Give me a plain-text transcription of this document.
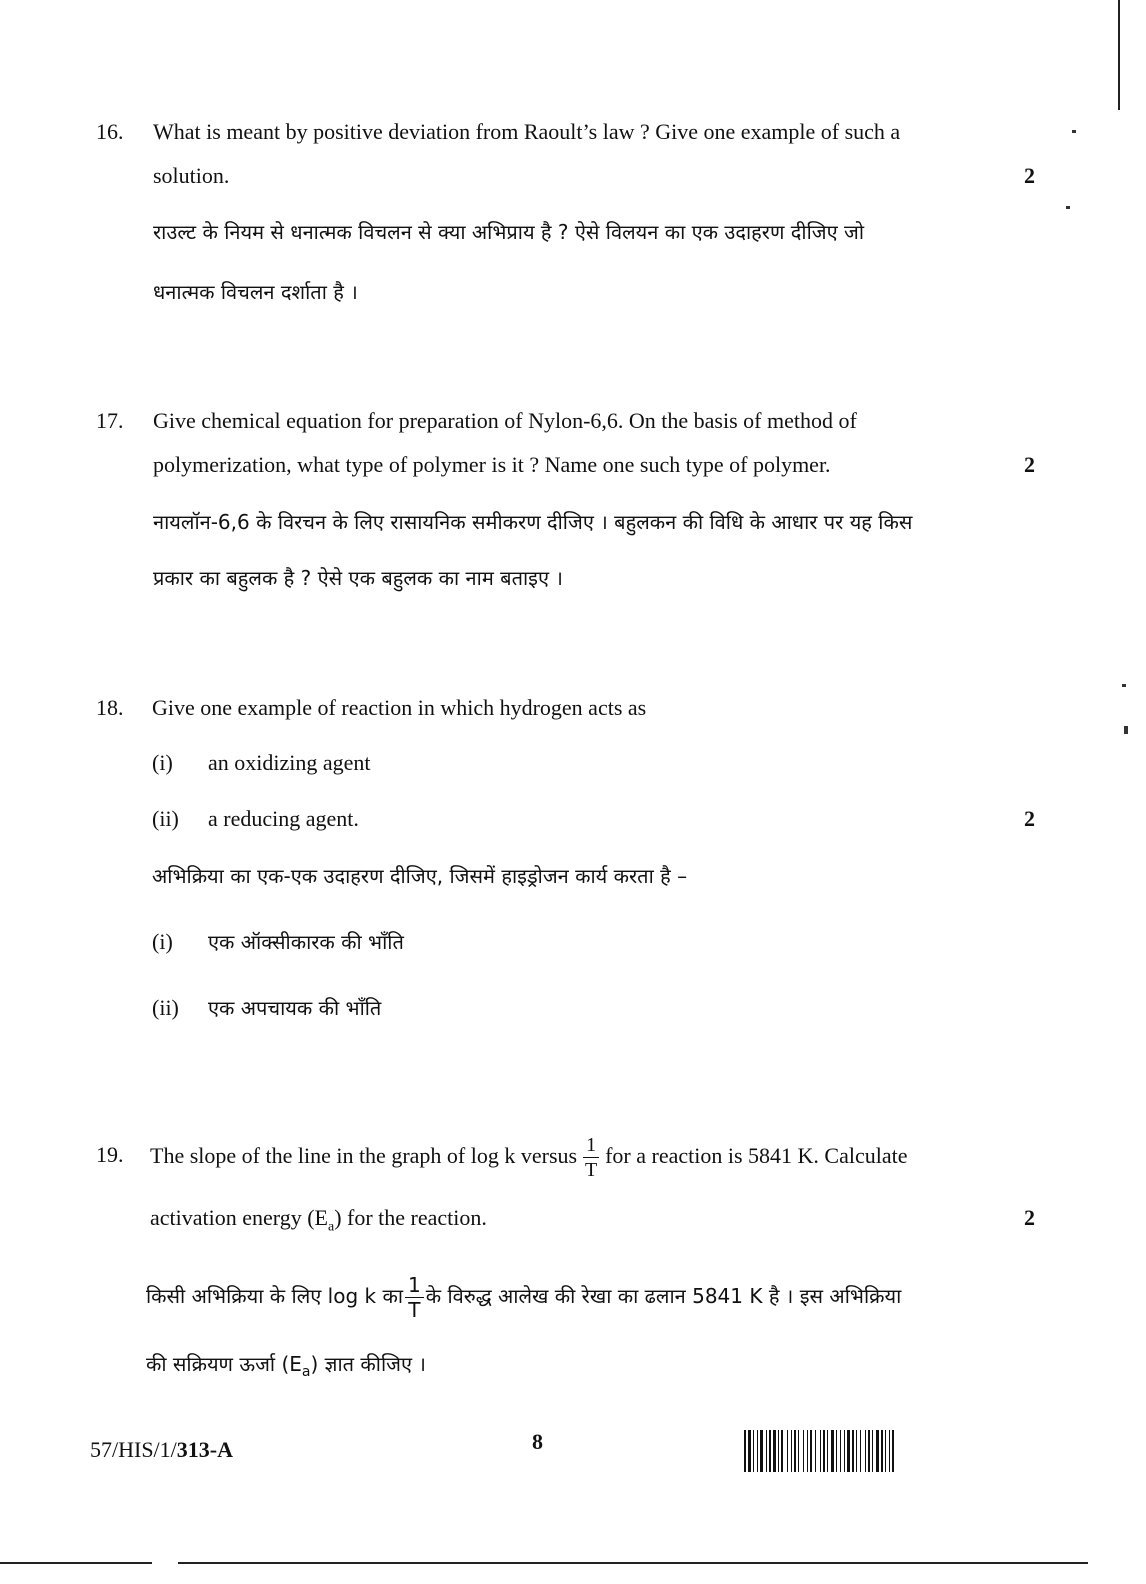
16. What is meant by positive deviation from Raoult’s law ? Give one example of such a
solution.	2
राउल्ट के नियम से धनात्मक विचलन से क्या अभिप्राय है ? ऐसे विलयन का एक उदाहरण दीजिए जो
धनात्मक विचलन दर्शाता है ।
17. Give chemical equation for preparation of Nylon-6,6. On the basis of method of
polymerization, what type of polymer is it ? Name one such type of polymer.	2
नायलॉन-6,6 के विरचन के लिए रासायनिक समीकरण दीजिए । बहुलकन की विधि के आधार पर यह किस
प्रकार का बहुलक है ? ऐसे एक बहुलक का नाम बताइए ।
18. Give one example of reaction in which hydrogen acts as
(i) an oxidizing agent
(ii) a reducing agent.	2
अभिक्रिया का एक-एक उदाहरण दीजिए, जिसमें हाइड्रोजन कार्य करता है –
(i) एक ऑक्सीकारक की भाँति
(ii) एक अपचायक की भाँति
19. The slope of the line in the graph of log k versus $\frac{1}{T}$ for a reaction is 5841 K. Calculate
activation energy $(E_a)$ for the reaction.	2
किसी अभिक्रिया के लिए log k का $\frac{1}{T}$ के विरुद्ध आलेख की रेखा का ढलान 5841 K है । इस अभिक्रिया
की सक्रियण ऊर्जा $(E_a)$ ज्ञात कीजिए ।
57/HIS/1/313-A	8
